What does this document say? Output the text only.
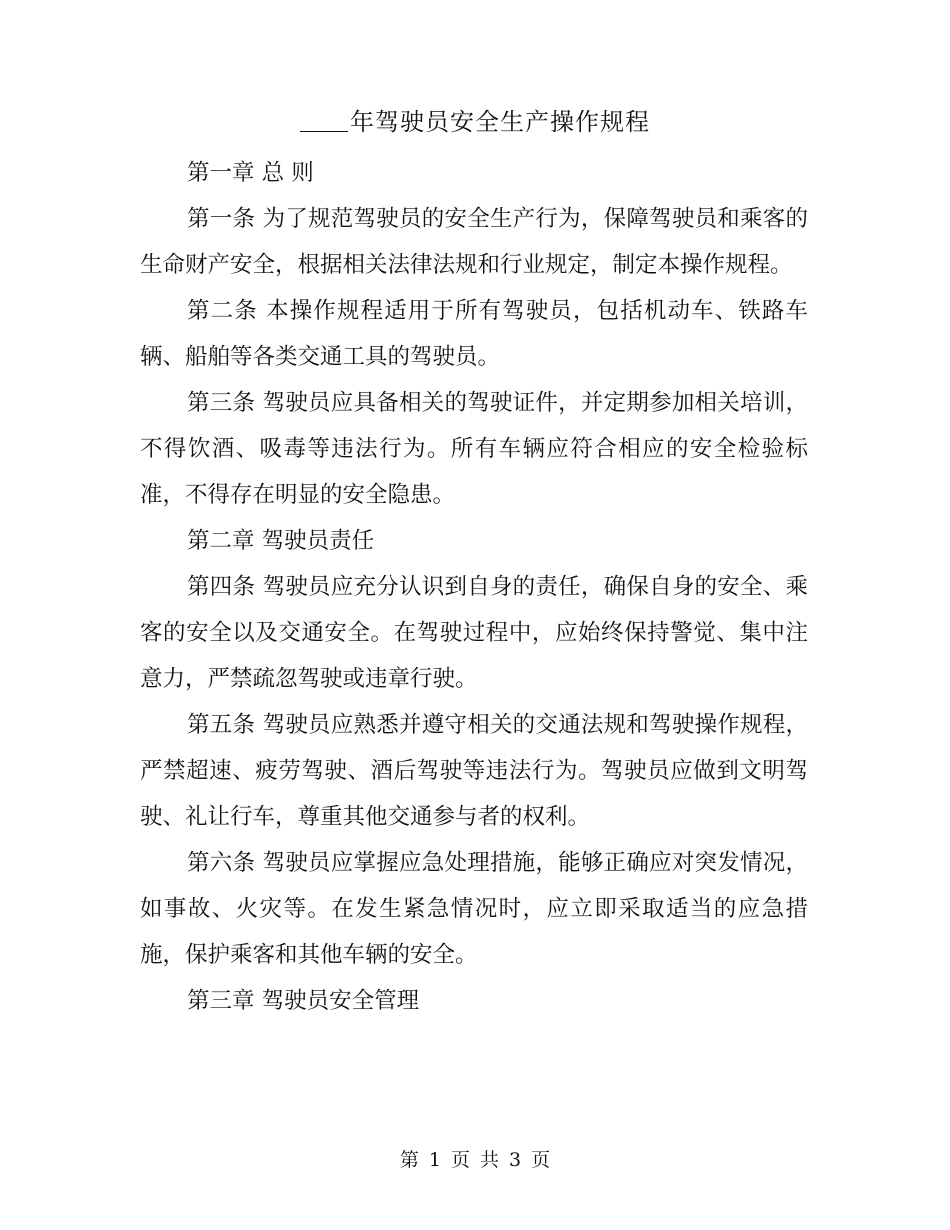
年驾驶员安全生产操作规程

第一章 总 则

第一条 为了规范驾驶员的安全生产行为，保障驾驶员和乘客的生命财产安全，根据相关法律法规和行业规定，制定本操作规程。

第二条 本操作规程适用于所有驾驶员，包括机动车、铁路车辆、船舶等各类交通工具的驾驶员。

第三条 驾驶员应具备相关的驾驶证件，并定期参加相关培训，不得饮酒、吸毒等违法行为。所有车辆应符合相应的安全检验标准，不得存在明显的安全隐患。

第二章 驾驶员责任

第四条 驾驶员应充分认识到自身的责任，确保自身的安全、乘客的安全以及交通安全。在驾驶过程中，应始终保持警觉、集中注意力，严禁疏忽驾驶或违章行驶。

第五条 驾驶员应熟悉并遵守相关的交通法规和驾驶操作规程，严禁超速、疲劳驾驶、酒后驾驶等违法行为。驾驶员应做到文明驾驶、礼让行车，尊重其他交通参与者的权利。

第六条 驾驶员应掌握应急处理措施，能够正确应对突发情况，如事故、火灾等。在发生紧急情况时，应立即采取适当的应急措施，保护乘客和其他车辆的安全。

第三章 驾驶员安全管理

第 1 页 共 3 页
